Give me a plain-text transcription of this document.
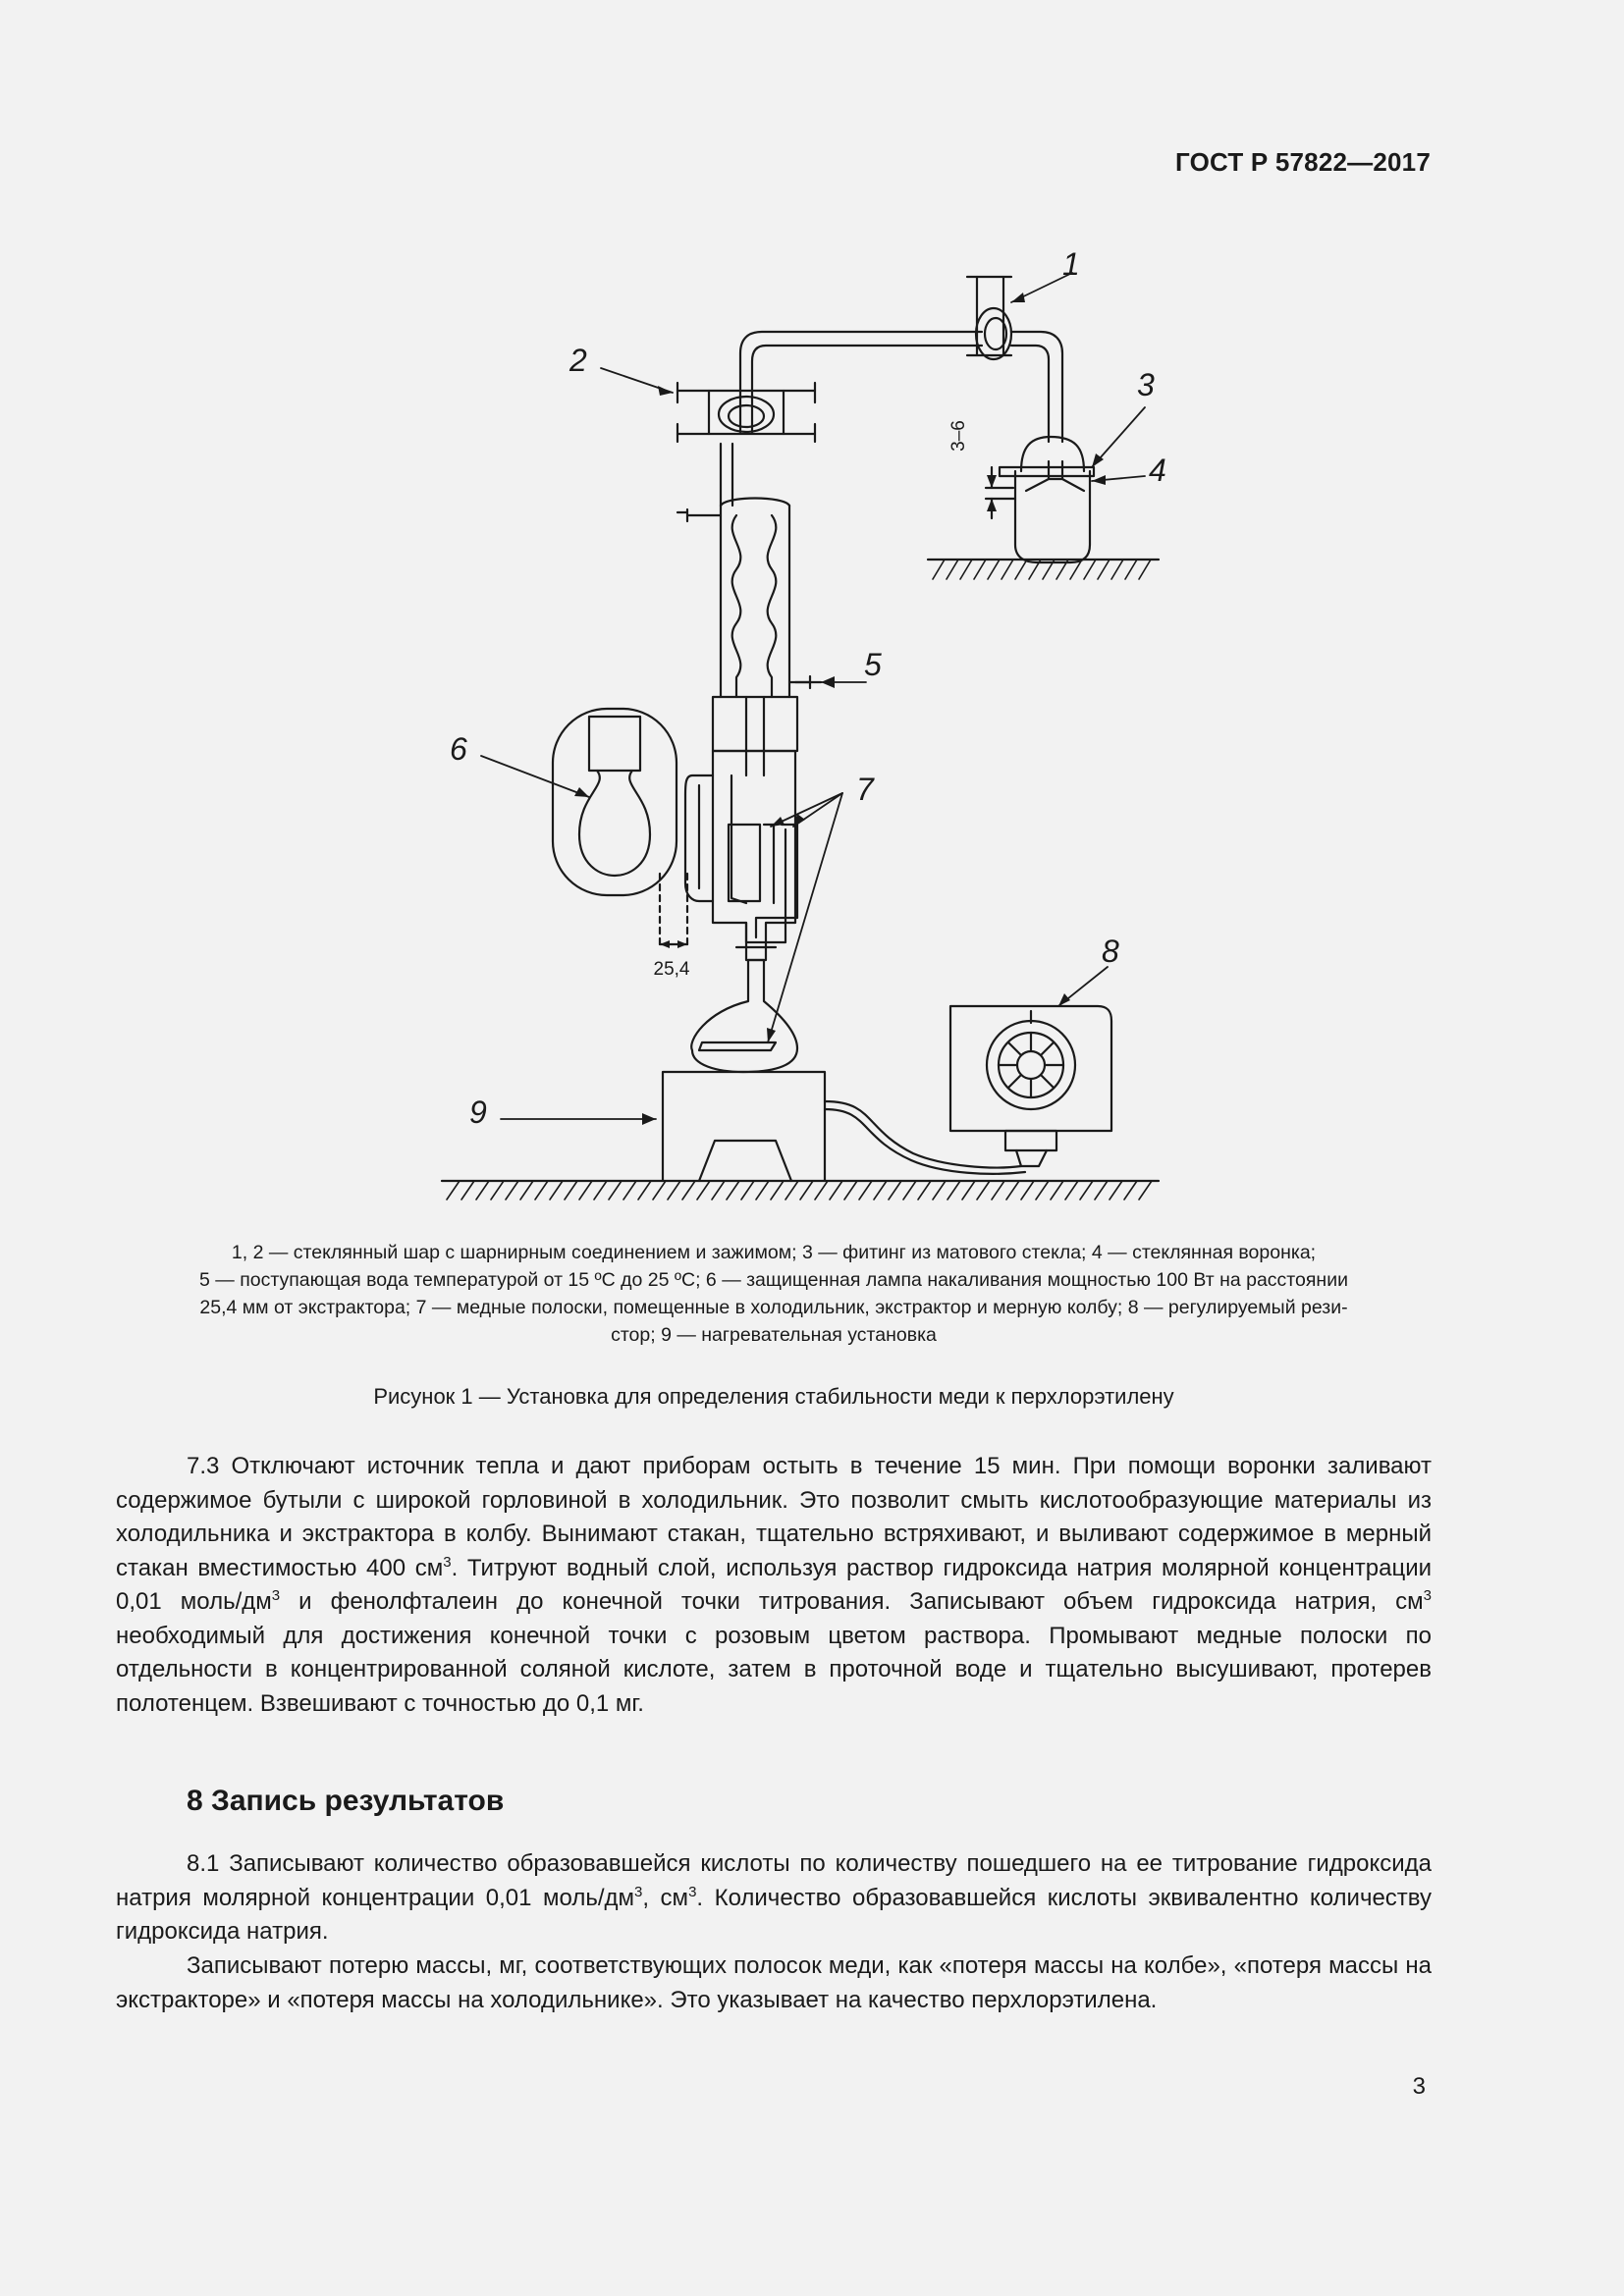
ГОСТ Р 57822—2017
1
2
3
4
5
6
7
8
9
3–6
25,4
1, 2 — стеклянный шар с шарнирным соединением и зажимом; 3 — фитинг из матового стекла; 4 — стеклянная воронка;
5 — поступающая вода температурой от 15 ºС до 25 ºС; 6 — защищенная лампа накаливания мощностью 100 Вт на расстоянии
25,4 мм от экстрактора; 7 — медные полоски, помещенные в холодильник, экстрактор и мерную колбу; 8 — регулируемый рези-
стор; 9 — нагревательная установка
Рисунок 1 — Установка для определения стабильности меди к перхлорэтилену

7.3 Отключают источник тепла и дают приборам остыть в течение 15 мин. При помощи воронки заливают содержимое бутыли с широкой горловиной в холодильник. Это позволит смыть кислотообразующие материалы из холодильника и экстрактора в колбу. Вынимают стакан, тщательно встряхивают, и выливают содержимое в мерный стакан вместимостью 400 $см^3$. Титруют водный слой, используя раствор гидроксида натрия молярной концентрации 0,01 моль/$дм^3$ и фенолфталеин до конечной точки титрования. Записывают объем гидроксида натрия, $см^3$ необходимый для достижения конечной точки с розовым цветом раствора. Промывают медные полоски по отдельности в концентрированной соляной кислоте, затем в проточной воде и тщательно высушивают, протерев полотенцем. Взвешивают с точностью до 0,1 мг.

8 Запись результатов

8.1 Записывают количество образовавшейся кислоты по количеству пошедшего на ее титрование гидроксида натрия молярной концентрации 0,01 моль/$дм^3$, $см^3$. Количество образовавшейся кислоты эквивалентно количеству гидроксида натрия.

Записывают потерю массы, мг, соответствующих полосок меди, как «потеря массы на колбе», «потеря массы на экстракторе» и «потеря массы на холодильнике». Это указывает на качество перхлорэтилена.

3
